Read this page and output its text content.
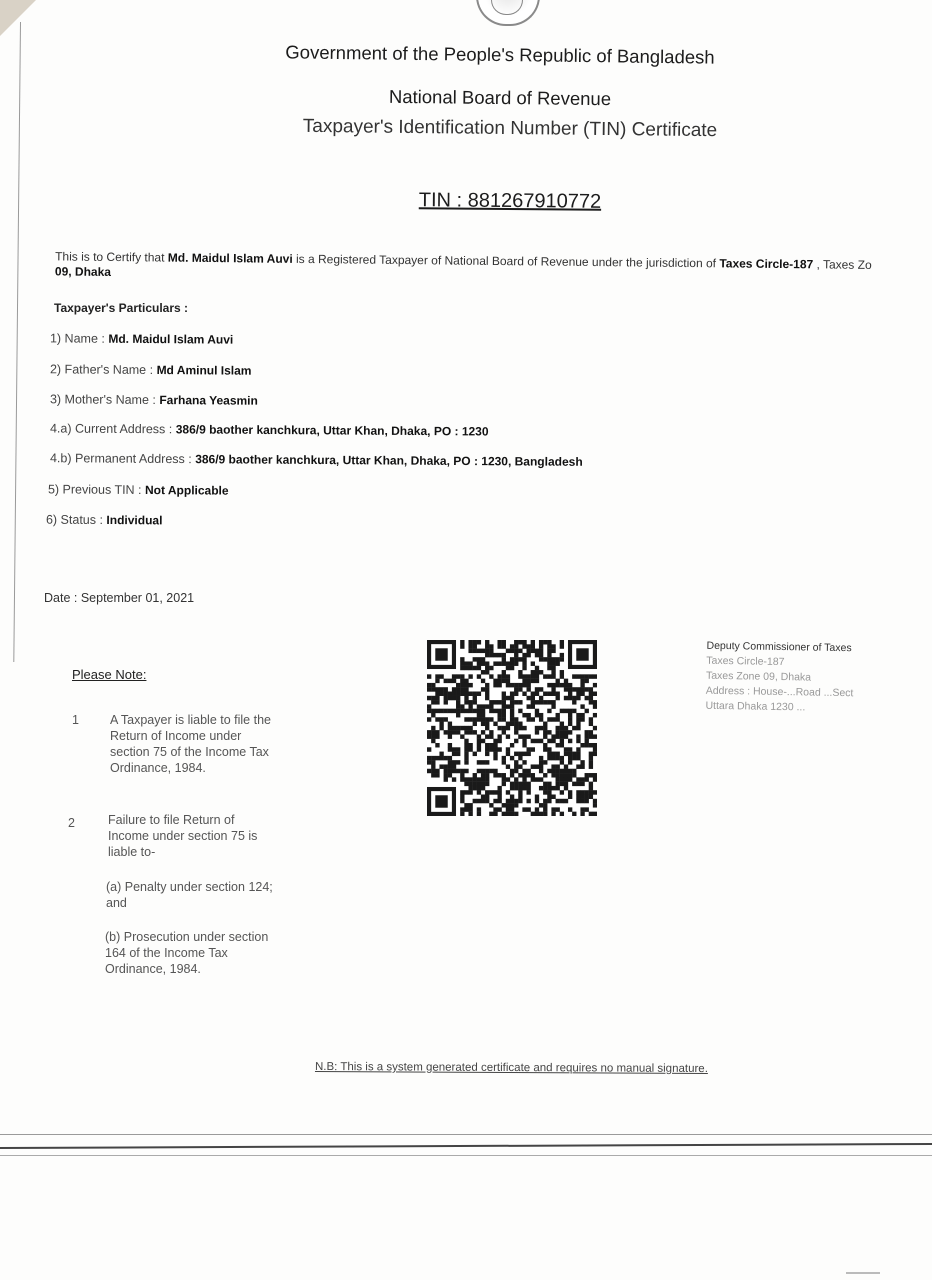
Government of the People's Republic of Bangladesh
National Board of Revenue
Taxpayer's Identification Number (TIN) Certificate
TIN : 881267910772
This is to Certify that Md. Maidul Islam Auvi is a Registered Taxpayer of National Board of Revenue under the jurisdiction of Taxes Circle-187 , Taxes Zo
09, Dhaka
Taxpayer's Particulars :
1) Name : Md. Maidul Islam Auvi
2) Father's Name : Md Aminul Islam
3) Mother's Name : Farhana Yeasmin
4.a) Current Address : 386/9 baother kanchkura, Uttar Khan, Dhaka, PO : 1230
4.b) Permanent Address : 386/9 baother kanchkura, Uttar Khan, Dhaka, PO : 1230, Bangladesh
5) Previous TIN : Not Applicable
6) Status : Individual
Date : September 01, 2021
Please Note:
1 A Taxpayer is liable to file the Return of Income under section 75 of the Income Tax Ordinance, 1984.
2	Failure to file Return of Income under section 75 is liable to-
(a) Penalty under section 124; and
(b) Prosecution under section 164 of the Income Tax Ordinance, 1984.
Deputy Commissioner of Taxes
Taxes Circle-187
Taxes Zone 09, Dhaka
Address : House-...Road ...Sect
Uttara Dhaka 1230 ...
N.B: This is a system generated certificate and requires no manual signature.
